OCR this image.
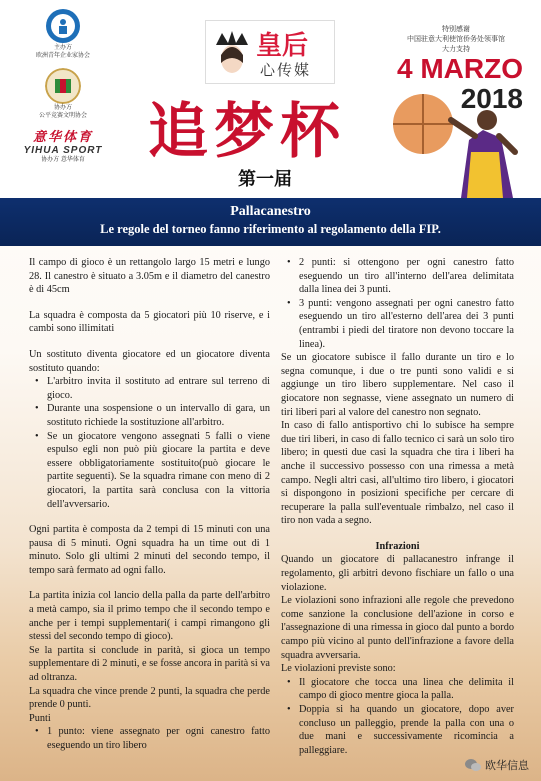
主办方
欧洲青年企业家协会
协办方
公平竞赛文明协会
意华体育
YIHUA SPORT
协办方 意华体育
皇后
心传媒
追梦杯
第一届
特别感谢
中国驻意大利使馆侨务处领事馆
大力支持
4 MARZO
2018
Pallacanestro
Le regole del torneo fanno riferimento al regolamento della FIP.

Il campo di gioco è un rettangolo largo 15 metri e lungo 28. Il canestro è situato a 3.05m e il diametro del canestro è di 45cm

La squadra è composta da 5 giocatori più 10 riserve, e i cambi sono illimitati

Un sostituto diventa giocatore ed un giocatore diventa sostituto quando:

• L'arbitro invita il sostituto ad entrare sul terreno di gioco.
• Durante una sospensione o un intervallo di gara, un sostituto richiede la sostituzione all'arbitro.
• Se un giocatore vengono assegnati 5 falli o viene espulso egli non può più giocare la partita e deve essere obbligatoriamente sostituito(può giocare le partite seguenti). Se la squadra rimane con meno di 2 giocatori, la partita sarà conclusa con la vittoria dell'avversario.

Ogni partita è composta da 2 tempi di 15 minuti con una pausa di 5 minuti. Ogni squadra ha un time out di 1 minuto. Solo gli ultimi 2 minuti del secondo tempo, il tempo sarà fermato ad ogni fallo.

La partita inizia col lancio della palla da parte dell'arbitro a metà campo, sia il primo tempo che il secondo tempo e anche per i tempi supplementari( i campi rimangono gli stessi del secondo tempo di gioco).

Se la partita si conclude in parità, si gioca un tempo supplementare di 2 minuti, e se fosse ancora in parità si va ad oltranza.

La squadra che vince prende 2 punti, la squadra che perde prende 0 punti.

Punti

• 1 punto: viene assegnato per ogni canestro fatto eseguendo un tiro libero
• 2 punti: si ottengono per ogni canestro fatto eseguendo un tiro all'interno dell'area delimitata dalla linea dei 3 punti.
• 3 punti: vengono assegnati per ogni canestro fatto eseguendo un tiro all'esterno dell'area dei 3 punti (entrambi i piedi del tiratore non devono toccare la linea).

Se un giocatore subisce il fallo durante un tiro e lo segna comunque, i due o tre punti sono validi e si aggiunge un tiro libero supplementare. Nel caso il giocatore non segnasse, viene assegnato un numero di tiri liberi pari al valore del canestro non segnato.

In caso di fallo antisportivo chi lo subisce ha sempre due tiri liberi, in caso di fallo tecnico ci sarà un solo tiro libero; in questi due casi la squadra che tira i liberi ha anche il successivo possesso con una rimessa a metà campo. Negli altri casi, all'ultimo tiro libero, i giocatori si dispongono in posizioni specifiche per cercare di recuperare la palla sull'eventuale rimbalzo, nel caso il tiro non vada a segno.

Infrazioni

Quando un giocatore di pallacanestro infrange il regolamento, gli arbitri devono fischiare un fallo o una violazione.

Le violazioni sono infrazioni alle regole che prevedono come sanzione la conclusione dell'azione in corso e l'assegnazione di una rimessa in gioco dal punto a bordo campo più vicino al punto dell'infrazione a favore della squadra avversaria.

Le violazioni previste sono:

• Il giocatore che tocca una linea che delimita il campo di gioco mentre gioca la palla.
• Doppia si ha quando un giocatore, dopo aver concluso un palleggio, prende la palla con una o due mani e successivamente ricomincia a palleggiare.
欧华信息
